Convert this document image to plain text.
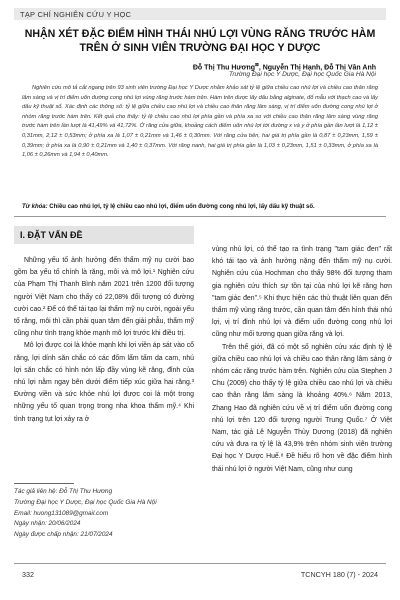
TẠP CHÍ NGHIÊN CỨU Y HỌC
NHẬN XÉT ĐẶC ĐIỂM HÌNH THÁI NHÚ LỢI VÙNG RĂNG TRƯỚC HÀM TRÊN Ở SINH VIÊN TRƯỜNG ĐẠI HỌC Y DƯỢC
Đỗ Thị Thu Hương⊠, Nguyễn Thị Hạnh, Đỗ Thị Vân Anh
Trường Đại học Y Dược, Đại học Quốc Gia Hà Nội

Nghiên cứu mô tả cắt ngang trên 93 sinh viên trường Đại học Y Dược nhằm khảo sát tỷ lệ giữa chiều cao nhú lợi và chiều cao thân răng lâm sàng và vị trí điểm uốn đường cong nhú lợi vùng răng trước hàm trên. Hàm trên được lấy dấu bằng alginate, đổ mẫu với thạch cao và lấy dấu kỹ thuật số. Xác định các thông số: tỷ lệ giữa chiều cao nhú lợi và chiều cao thân răng lâm sàng, vị trí điểm uốn đường cong nhú lợi ở nhóm răng trước hàm trên. Kết quả cho thấy: tỷ lệ chiều cao nhú lợi phía gần và phía xa so với chiều cao thân răng lâm sàng vùng răng trước hàm trên lần lượt là 41,49% và 41,72%. Ở răng cửa giữa, khoảng cách điểm uốn nhú lợi tới đường x và y ở phía gần lần lượt là 1,12 ± 0,31mm, 2,12 ± 0,53mm; ở phía xa là 1,07 ± 0,21mm và 1,46 ± 0,30mm. Với răng cửa bên, hai giá trị phía gần là 0,87 ± 0,23mm, 1,59 ± 0,39mm; ở phía xa là 0,90 ± 0,21mm và 1,40 ± 0,37mm. Với răng nanh, hai giá trị phía gần là 1,03 ± 0,23mm, 1,51 ± 0,33mm, ở phía xa là 1,06 ± 0,26mm và 1,94 ± 0,40mm.

Từ khóa: Chiều cao nhú lợi, tỷ lệ chiều cao nhú lợi, điểm uốn đường cong nhú lợi, lấy dấu kỹ thuật số.
I. ĐẶT VẤN ĐỀ

Những yếu tố ảnh hưởng đến thẩm mỹ nụ cười bao gồm ba yếu tố chính là răng, môi và mô lợi.¹ Nghiên cứu của Phạm Thị Thanh Bình năm 2021 trên 1200 đối tượng người Việt Nam cho thấy có 22,08% đối tượng có đường cười cao.² Để có thể tái tạo lại thẩm mỹ nụ cười, ngoài yếu tố răng, môi thì cần phải quan tâm đến giải phẫu, thẩm mỹ cũng như tình trạng khỏe mạnh mô lợi trước khi điều trị.

Mô lợi được coi là khỏe mạnh khi lợi viền áp sát vào cổ răng, lợi dính săn chắc có các đốm lấm tấm da cam, nhú lợi săn chắc có hình nón lấp đầy vùng kẽ răng, đỉnh của nhú lợi nằm ngay bên dưới điểm tiếp xúc giữa hai răng.³ Đường viền và sức khỏe nhú lợi được coi là một trong những yếu tố quan trọng trong nha khoa thẩm mỹ.⁴ Khi tình trạng tụt lợi xảy ra ở

vùng nhú lợi, có thể tạo ra tình trạng "tam giác đen" rất khó tái tạo và ảnh hưởng nặng đến thẩm mỹ nụ cười. Nghiên cứu của Hochman cho thấy 98% đối tượng tham gia nghiên cứu thích sự tồn tại của nhú lợi kẽ răng hơn "tam giác đen".⁵ Khi thực hiện các thủ thuật liên quan đến thẩm mỹ vùng răng trước, cần quan tâm đến hình thái nhú lợi, vị trí đỉnh nhú lợi và điểm uốn đường cong nhú lợi cũng như mối tương quan giữa răng và lợi.

Trên thế giới, đã có một số nghiên cứu xác định tỷ lệ giữa chiều cao nhú lợi và chiều cao thân răng lâm sàng ở nhóm các răng trước hàm trên. Nghiên cứu của Stephen J Chu (2009) cho thấy tỷ lệ giữa chiều cao nhú lợi và chiều cao thân răng lâm sàng là khoảng 40%.⁶ Năm 2013, Zhang Hao đã nghiên cứu về vị trí điểm uốn đường cong nhú lợi trên 120 đối tượng người Trung Quốc.⁷ Ở Việt Nam, tác giả Lê Nguyễn Thùy Dương (2018) đã nghiên cứu và đưa ra tỷ lệ là 43,9% trên nhóm sinh viên trường Đại học Y Dược Huế.⁸ Đề hiểu rõ hơn về đặc điểm hình thái nhú lợi ở người Việt Nam, cũng như cung

Tác giả liên hệ: Đỗ Thị Thu Hương
Trường Đại học Y Dược, Đại học Quốc Gia Hà Nội
Email: huong131089@gmail.com
Ngày nhận: 20/06/2024
Ngày được chấp nhận: 21/07/2024
332	TCNCYH 180 (7) - 2024
